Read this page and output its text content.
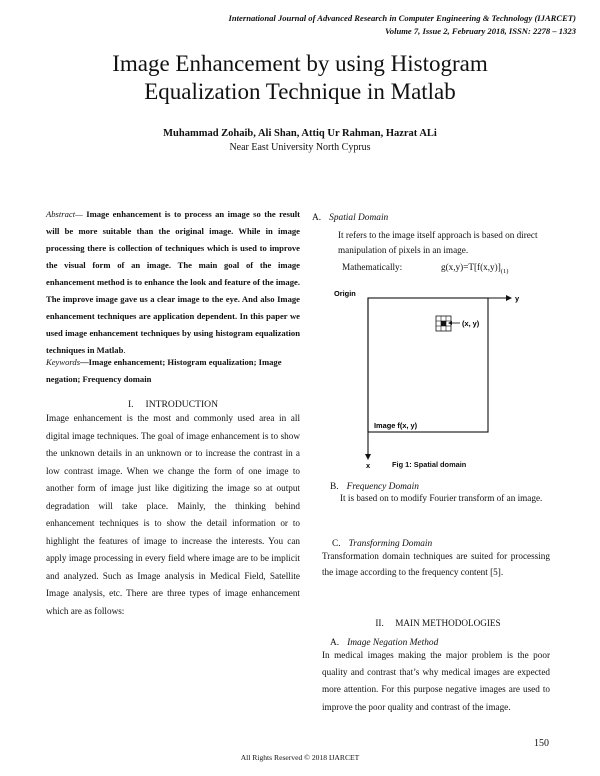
International Journal of Advanced Research in Computer Engineering & Technology (IJARCET)
Volume 7, Issue 2, February 2018, ISSN: 2278 – 1323
Image Enhancement by using Histogram
Equalization Technique in Matlab
Muhammad Zohaib, Ali Shan, Attiq Ur Rahman, Hazrat ALi
Near East University North Cyprus
Abstract— Image enhancement is to process an image so the result will be more suitable than the original image. While in image processing there is collection of techniques which is used to improve the visual form of an image. The main goal of the image enhancement method is to enhance the look and feature of the image. The improve image gave us a clear image to the eye. And also Image enhancement techniques are application dependent. In this paper we used image enhancement techniques by using histogram equalization techniques in Matlab.
Keywords—Image enhancement; Histogram equalization; Image negation; Frequency domain
I. INTRODUCTION
Image enhancement is the most and commonly used area in all digital image techniques. The goal of image enhancement is to show the unknown details in an unknown or to increase the contrast in a low contrast image. When we change the form of one image to another form of image just like digitizing the image so at output degradation will take place. Mainly, the thinking behind enhancement techniques is to show the detail information or to highlight the features of image to increase the interests. You can apply image processing in every field where image are to be implicit and analyzed. Such as Image analysis in Medical Field, Satellite Image analysis, etc. There are three types of image enhancement which are as follows:
A. Spatial Domain
It refers to the image itself approach is based on direct manipulation of pixels in an image.
Mathematically:	$g(x,y)=T[f(x,y)]_{(1)}$
(x, y)
Origin
y
x
Image f(x, y)
Fig 1: Spatial domain
B. Frequency Domain
It is based on to modify Fourier transform of an image.
C. Transforming Domain
Transformation domain techniques are suited for processing the image according to the frequency content [5].
II. MAIN METHODOLOGIES
A. Image Negation Method
In medical images making the major problem is the poor quality and contrast that’s why medical images are expected more attention. For this purpose negative images are used to improve the poor quality and contrast of the image.
150
All Rights Reserved © 2018 IJARCET
